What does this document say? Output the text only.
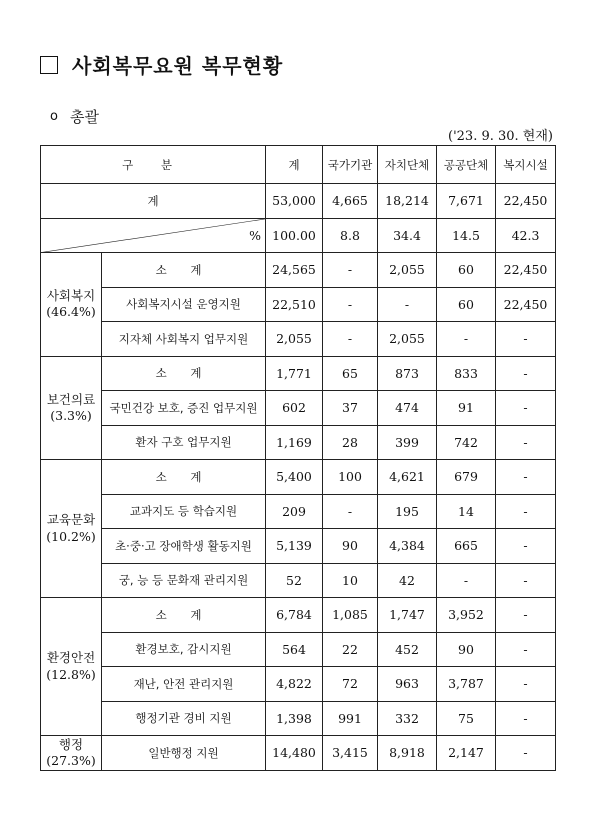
사회복무요원 복무현황
o 총괄
('23. 9. 30. 현재)
구 분		계	국가기관	자치단체	공공단체	복지시설
계		53,000	4,665	18,214	7,671	22,450

%		100.00	8.8	34.4	14.5	42.3

사회복지
(46.4%)	소 계	24,565	-	2,055	60	22,450
	사회복지시설 운영지원	22,510	-	-	60	22,450
	지자체 사회복지 업무지원	2,055	-	2,055	-	-

보건의료
(3.3%)	소 계	1,771	65	873	833	-
	국민건강 보호, 증진 업무지원	602	37	474	91	-
	환자 구호 업무지원	1,169	28	399	742	-

교육문화
(10.2%)	소 계	5,400	100	4,621	679	-
	교과지도 등 학습지원	209	-	195	14	-
	초·중·고 장애학생 활동지원	5,139	90	4,384	665	-
	궁, 능 등 문화재 관리지원	52	10	42	-	-

환경안전
(12.8%)	소 계	6,784	1,085	1,747	3,952	-
	환경보호, 감시지원	564	22	452	90	-
	재난, 안전 관리지원	4,822	72	963	3,787	-
	행정기관 경비 지원	1,398	991	332	75	-

행정
(27.3%)	일반행정 지원	14,480	3,415	8,918	2,147	-
